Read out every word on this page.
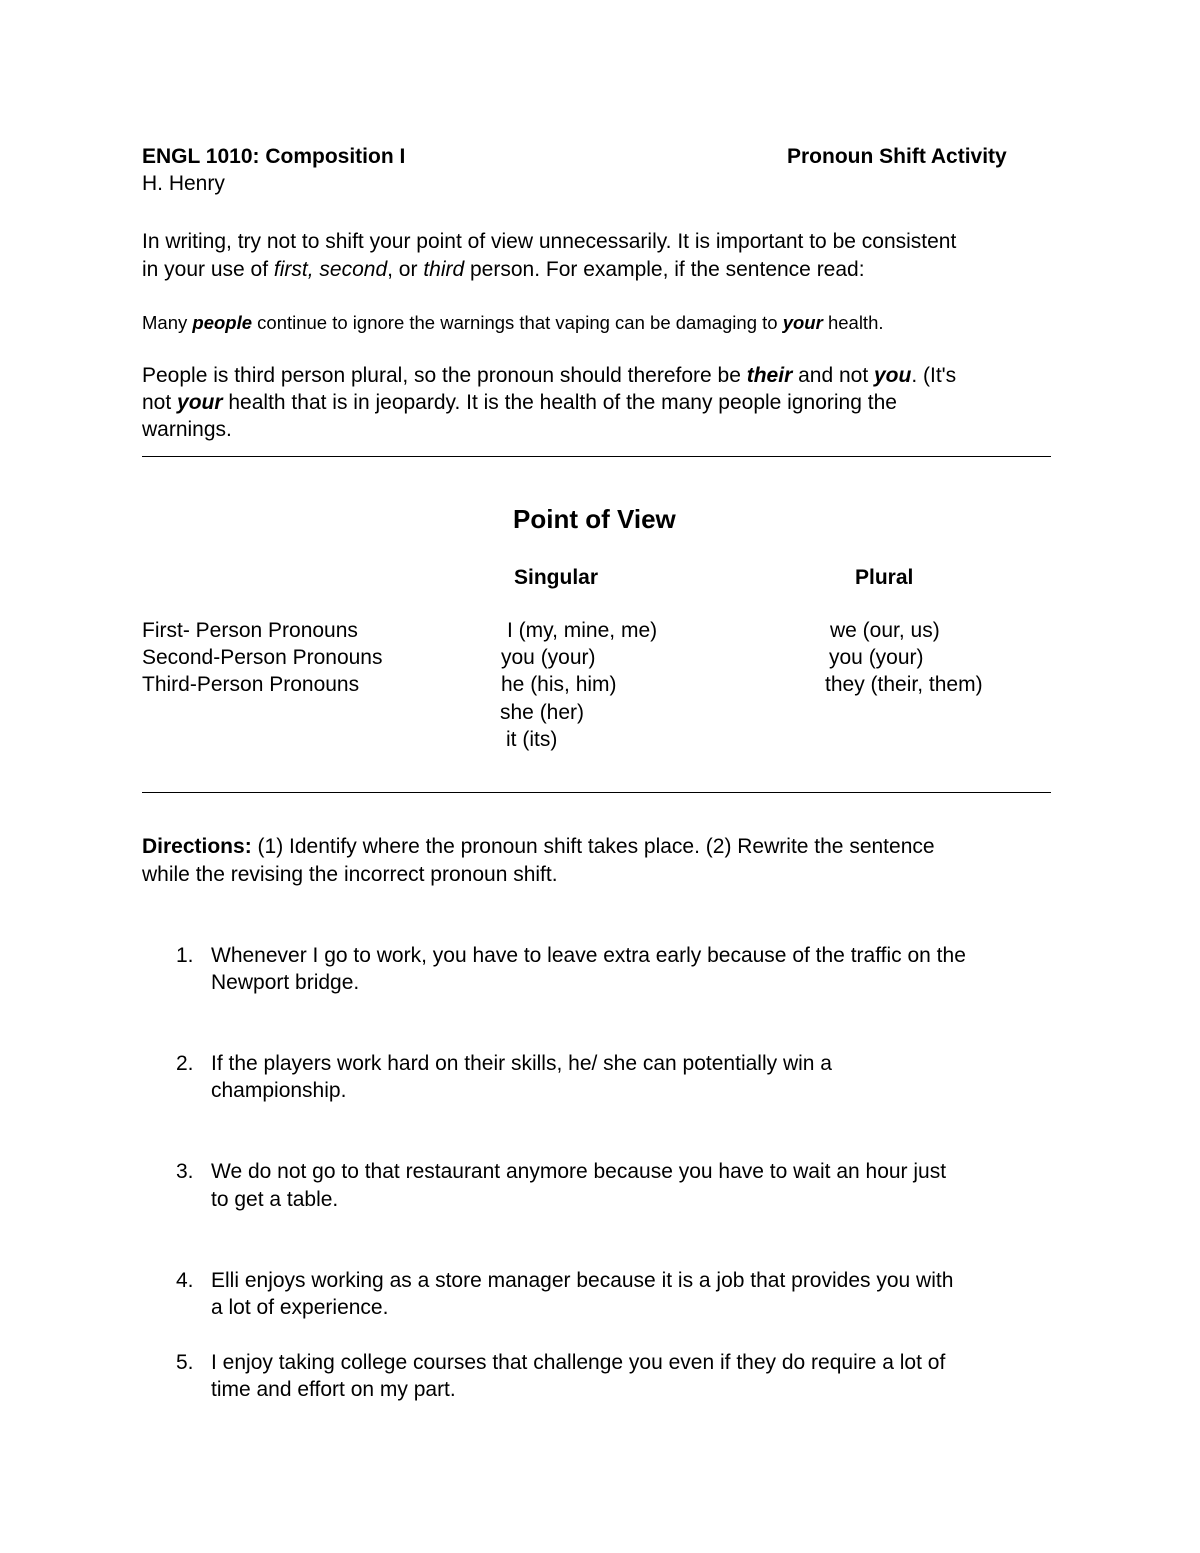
ENGL 1010: Composition I	Pronoun Shift Activity
H. Henry
In writing, try not to shift your point of view unnecessarily. It is important to be consistent
in your use of first, second, or third person. For example, if the sentence read:
Many people continue to ignore the warnings that vaping can be damaging to your health.
People is third person plural, so the pronoun should therefore be their and not you. (It's
not your health that is in jeopardy. It is the health of the many people ignoring the
warnings.
Point of View
Singular	Plural
First- Person Pronouns	I (my, mine, me)	we (our, us)
Second-Person Pronouns	you (your)	you (your)
Third-Person Pronouns	he (his, him)	they (their, them)
she (her)
it (its)
Directions: (1) Identify where the pronoun shift takes place. (2) Rewrite the sentence
while the revising the incorrect pronoun shift.
1. Whenever I go to work, you have to leave extra early because of the traffic on the
Newport bridge.
2. If the players work hard on their skills, he/ she can potentially win a
championship.
3. We do not go to that restaurant anymore because you have to wait an hour just
to get a table.
4. Elli enjoys working as a store manager because it is a job that provides you with
a lot of experience.
5. I enjoy taking college courses that challenge you even if they do require a lot of
time and effort on my part.
